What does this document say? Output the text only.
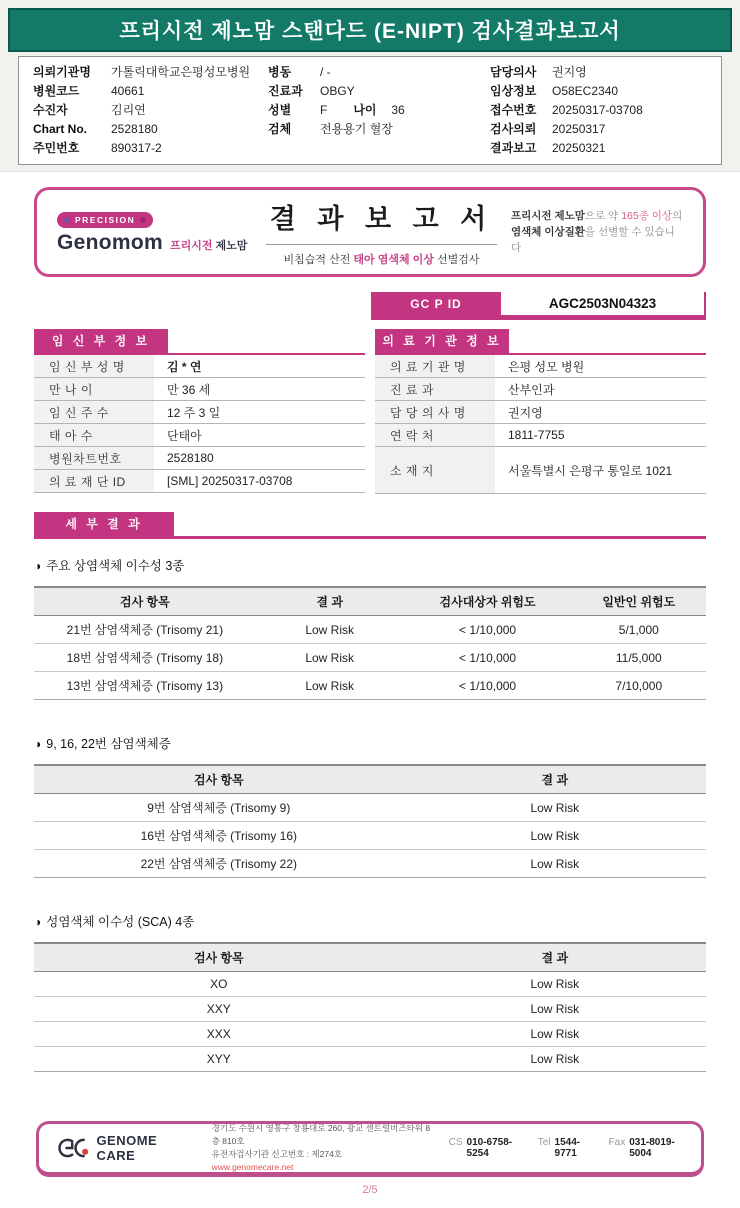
프리시전 제노맘 스탠다드 (E-NIPT) 검사결과보고서
의뢰기관명	가톨릭대학교은평성모병원
병원코드	40661
수진자	김리연
Chart No.	2528180
주민번호	890317-2
병동	/ -
진료과	OBGY
성별	F 나이	36
검체	전용용기 혈장
담당의사	권지영
임상정보	O58EC2340
접수번호	20250317-03708
검사의뢰	20250317
결과보고	20250321
PRECISION
Genomom 프리시전 제노맘
결 과 보 고 서
비침습적 산전 태아 염색체 이상 선별검사
프리시전 제노맘으로 약 165종 이상의
염색체 이상질환을 선별할 수 있습니다
GC P ID	AGC2503N04323
임 신 부 정 보
임 신 부 성 명	김 * 연
만 나 이	만 36 세
임 신 주 수	12 주 3 일
태 아 수	단태아
병원차트번호	2528180
의 료 재 단 ID	[SML] 20250317-03708
의 료 기 관 정 보
의 료 기 관 명	은평 성모 병원
진 료 과	산부인과
담 당 의 사 명	권지영
연 락 처	1811-7755
소 재 지	서울특별시 은평구 통일로 1021
세 부 결 과
◑ 주요 상염색체 이수성 3종
검사 항목	결 과	검사대상자 위험도	일반인 위험도
21번 삼염색체증 (Trisomy 21)	Low Risk	< 1/10,000	5/1,000
18번 삼염색체증 (Trisomy 18)	Low Risk	< 1/10,000	11/5,000
13번 삼염색체증 (Trisomy 13)	Low Risk	< 1/10,000	7/10,000
◑ 9, 16, 22번 삼염색체증
검사 항목	결 과
9번 삼염색체증 (Trisomy 9)	Low Risk
16번 삼염색체증 (Trisomy 16)	Low Risk
22번 삼염색체증 (Trisomy 22)	Low Risk
◑ 성염색체 이수성 (SCA) 4종
검사 항목	결 과
XO	Low Risk
XXY	Low Risk
XXX	Low Risk
XYY	Low Risk
GENOME CARE
경기도 수원시 영통구 창룡대로 260, 광교 센트럴비즈타워 8층 810호
유전자검사기관 신고번호 : 제274호
www.genomecare.net
CS 010-6758-5254
Tel 1544-9771
Fax 031-8019-5004
2/5
